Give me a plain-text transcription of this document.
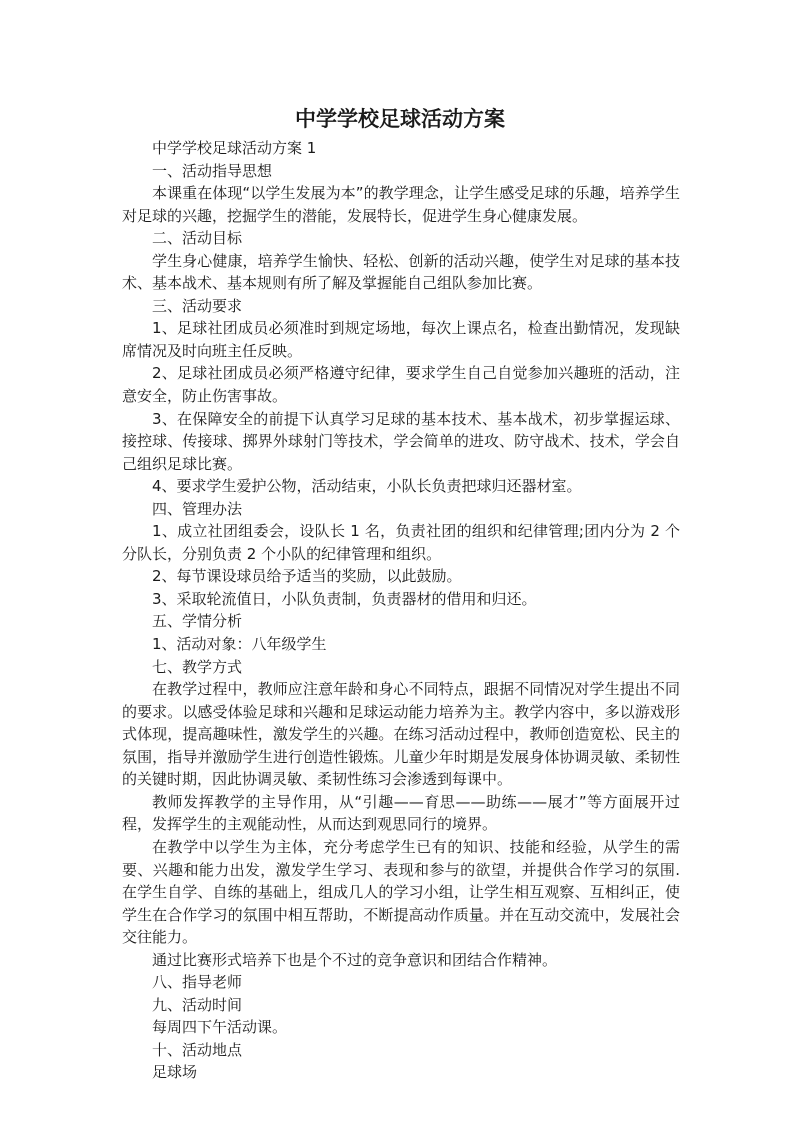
中学学校足球活动方案

中学学校足球活动方案 1

一、活动指导思想

本课重在体现“以学生发展为本”的教学理念，让学生感受足球的乐趣，培养学生对足球的兴趣，挖掘学生的潜能，发展特长，促进学生身心健康发展。

二、活动目标

学生身心健康，培养学生愉快、轻松、创新的活动兴趣，使学生对足球的基本技术、基本战术、基本规则有所了解及掌握能自己组队参加比赛。

三、活动要求

1、足球社团成员必须准时到规定场地，每次上课点名，检查出勤情况，发现缺席情况及时向班主任反映。

2、足球社团成员必须严格遵守纪律，要求学生自己自觉参加兴趣班的活动，注意安全，防止伤害事故。

3、在保障安全的前提下认真学习足球的基本技术、基本战术，初步掌握运球、接控球、传接球、掷界外球射门等技术，学会简单的进攻、防守战术、技术，学会自己组织足球比赛。

4、要求学生爱护公物，活动结束，小队长负责把球归还器材室。

四、管理办法

1、成立社团组委会，设队长 1 名，负责社团的组织和纪律管理;团内分为 2 个分队长，分别负责 2 个小队的纪律管理和组织。

2、每节课设球员给予适当的奖励，以此鼓励。

3、采取轮流值日，小队负责制，负责器材的借用和归还。

五、学情分析

1、活动对象：八年级学生

七、教学方式

在教学过程中，教师应注意年龄和身心不同特点，跟据不同情况对学生提出不同的要求。以感受体验足球和兴趣和足球运动能力培养为主。教学内容中，多以游戏形式体现，提高趣味性，激发学生的兴趣。在练习活动过程中，教师创造宽松、民主的氛围，指导并激励学生进行创造性锻炼。儿童少年时期是发展身体协调灵敏、柔韧性的关键时期，因此协调灵敏、柔韧性练习会渗透到每课中。

教师发挥教学的主导作用，从“引趣——育思——助练——展才”等方面展开过程，发挥学生的主观能动性，从而达到观思同行的境界。

在教学中以学生为主体，充分考虑学生已有的知识、技能和经验，从学生的需要、兴趣和能力出发，激发学生学习、表现和参与的欲望，并提供合作学习的氛围.在学生自学、自练的基础上，组成几人的学习小组，让学生相互观察、互相纠正，使学生在合作学习的氛围中相互帮助，不断提高动作质量。并在互动交流中，发展社会交往能力。

通过比赛形式培养下也是个不过的竞争意识和团结合作精神。

八、指导老师

九、活动时间

每周四下午活动课。

十、活动地点

足球场
